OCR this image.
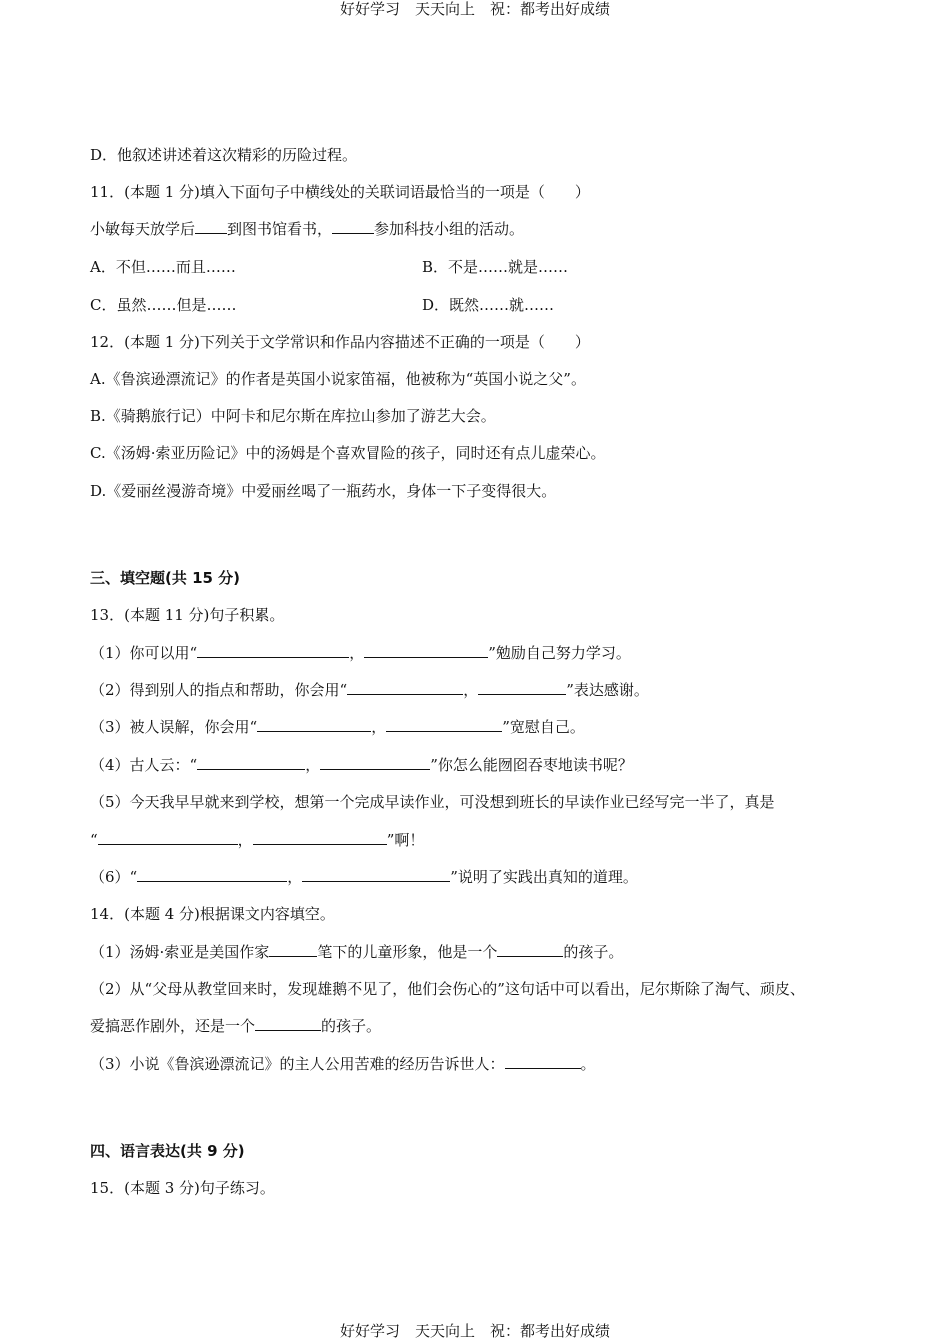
好好学习　天天向上　祝：都考出好成绩
D．他叙述讲述着这次精彩的历险过程。
11．(本题 1 分)填入下面句子中横线处的关联词语最恰当的一项是（　　）
小敏每天放学后 到图书馆看书，	参加科技小组的活动。
A．不但……而且……	B．不是……就是……
C．虽然……但是……	D．既然……就……
12．(本题 1 分)下列关于文学常识和作品内容描述不正确的一项是（　　）
A.《鲁滨逊漂流记》的作者是英国小说家笛福，他被称为“英国小说之父”。
B.《骑鹅旅行记）中阿卡和尼尔斯在库拉山参加了游艺大会。
C.《汤姆·索亚历险记》中的汤姆是个喜欢冒险的孩子，同时还有点儿虚荣心。
D.《爱丽丝漫游奇境》中爱丽丝喝了一瓶药水，身体一下子变得很大。
三、填空题(共 15 分)
13．(本题 11 分)句子积累。
（1）你可以用“	，	”勉励自己努力学习。
（2）得到别人的指点和帮助，你会用“	，	”表达感谢。
（3）被人误解，你会用“	，	”宽慰自己。
（4）古人云：“	，	”你怎么能囫囵吞枣地读书呢？
（5）今天我早早就来到学校，想第一个完成早读作业，可没想到班长的早读作业已经写完一半了，真是
“	，	”啊！
（6）“	，	”说明了实践出真知的道理。
14．(本题 4 分)根据课文内容填空。
（1）汤姆·索亚是美国作家	笔下的儿童形象，他是一个	的孩子。
（2）从“父母从教堂回来时，发现雄鹅不见了，他们会伤心的”这句话中可以看出，尼尔斯除了淘气、顽皮、
爱搞恶作剧外，还是一个	的孩子。
（3）小说《鲁滨逊漂流记》的主人公用苦难的经历告诉世人：	。
四、语言表达(共 9 分)
15．(本题 3 分)句子练习。
好好学习　天天向上　祝：都考出好成绩
